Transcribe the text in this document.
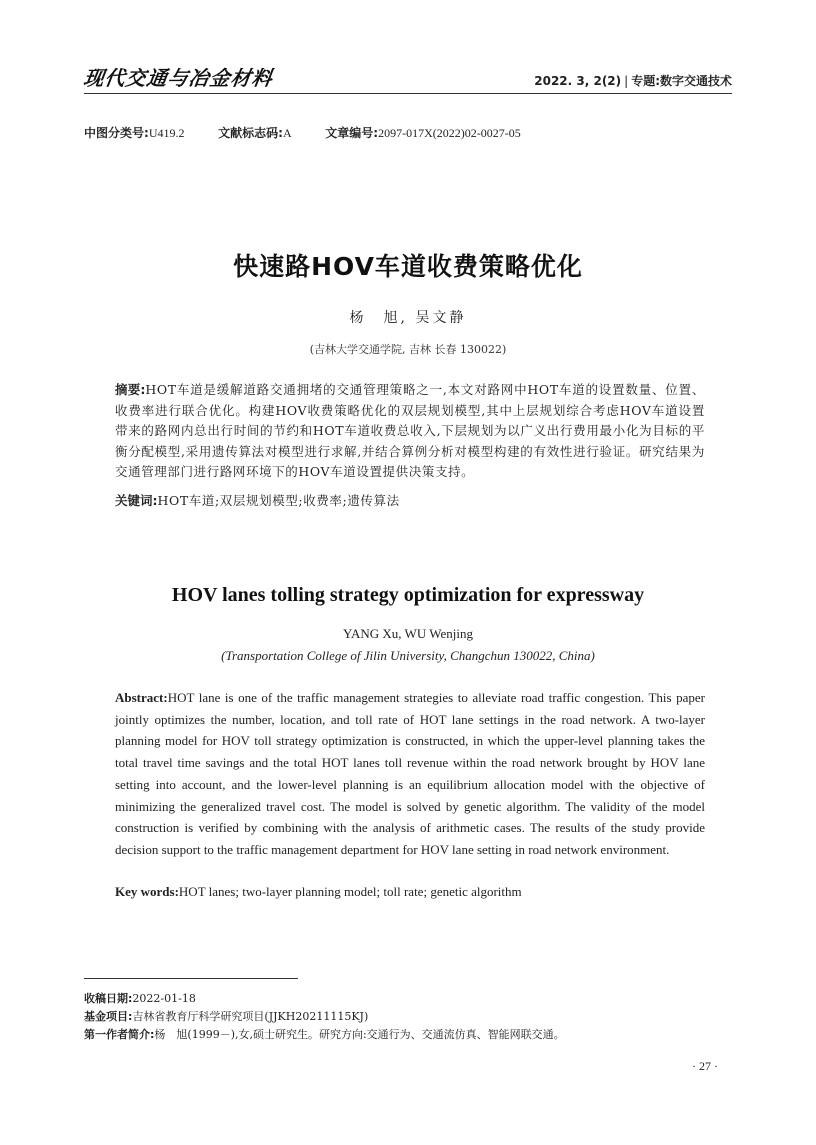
现代交通与冶金材料	2022. 3, 2(2) | 专题:数字交通技术
中图分类号:U419.2	文献标志码:A	文章编号:2097-017X(2022)02-0027-05
快速路HOV车道收费策略优化
杨　旭, 吴文静
(吉林大学交通学院, 吉林 长春 130022)
摘要:HOT车道是缓解道路交通拥堵的交通管理策略之一,本文对路网中HOT车道的设置数量、位置、收费率进行联合优化。构建HOV收费策略优化的双层规划模型,其中上层规划综合考虑HOV车道设置带来的路网内总出行时间的节约和HOT车道收费总收入,下层规划为以广义出行费用最小化为目标的平衡分配模型,采用遗传算法对模型进行求解,并结合算例分析对模型构建的有效性进行验证。研究结果为交通管理部门进行路网环境下的HOV车道设置提供决策支持。
关键词:HOT车道;双层规划模型;收费率;遗传算法
HOV lanes tolling strategy optimization for expressway
YANG Xu, WU Wenjing
(Transportation College of Jilin University, Changchun 130022, China)
Abstract:HOT lane is one of the traffic management strategies to alleviate road traffic congestion. This paper jointly optimizes the number, location, and toll rate of HOT lane settings in the road network. A two-layer planning model for HOV toll strategy optimization is constructed, in which the upper-level planning takes the total travel time savings and the total HOT lanes toll revenue within the road network brought by HOV lane setting into account, and the lower-level planning is an equilibrium allocation model with the objective of minimizing the generalized travel cost. The model is solved by genetic algorithm. The validity of the model construction is verified by combining with the analysis of arithmetic cases. The results of the study provide decision support to the traffic management department for HOV lane setting in road network environment.
Key words:HOT lanes; two-layer planning model; toll rate; genetic algorithm
收稿日期:2022-01-18
基金项目:吉林省教育厅科学研究项目(JJKH20211115KJ)
第一作者简介:杨　旭(1999－),女,硕士研究生。研究方向:交通行为、交通流仿真、智能网联交通。
· 27 ·
